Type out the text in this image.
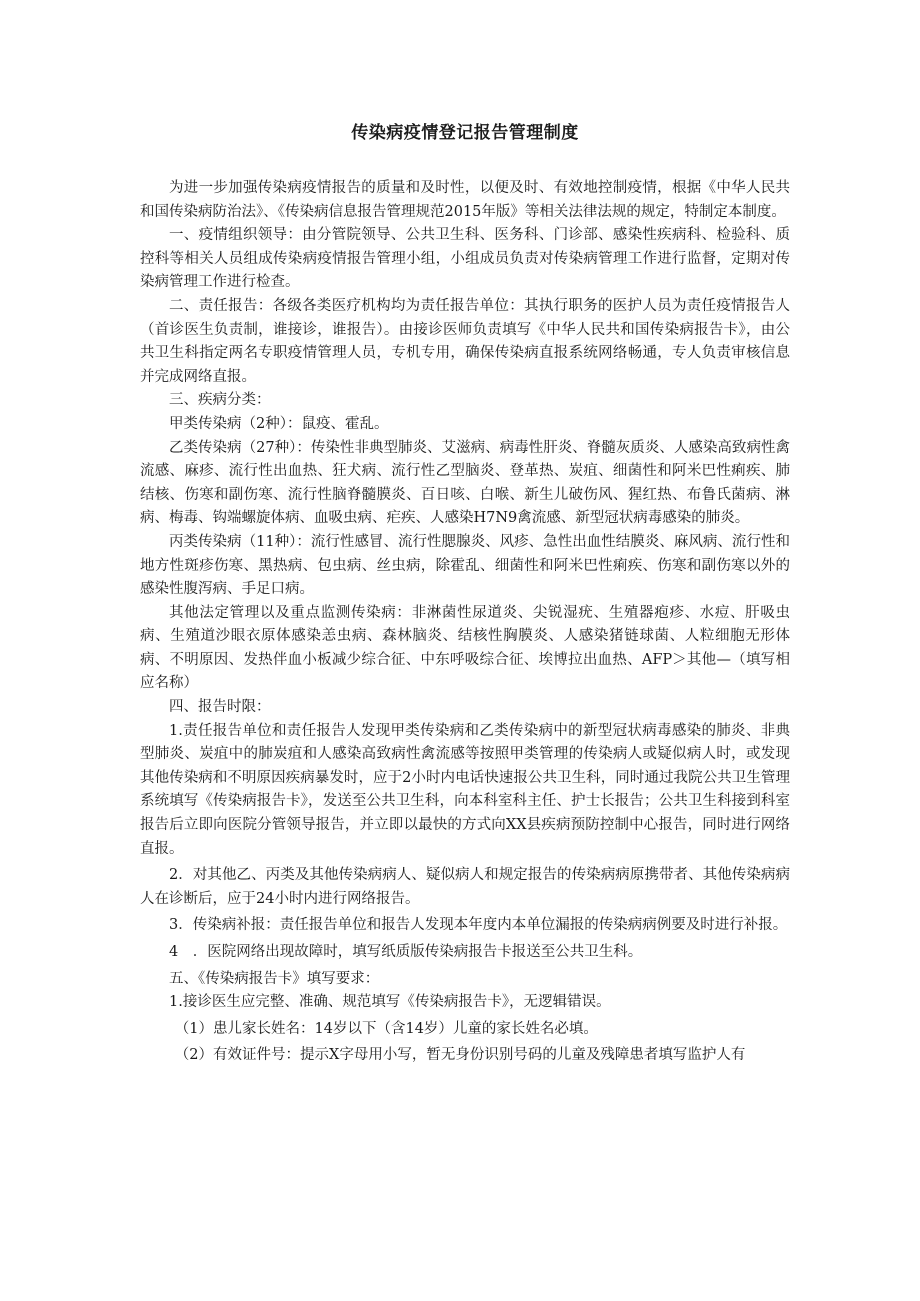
传染病疫情登记报告管理制度

为进一步加强传染病疫情报告的质量和及时性，以便及时、有效地控制疫情，根据《中华人民共和国传染病防治法》、《传染病信息报告管理规范2015年版》等相关法律法规的规定，特制定本制度。

一、疫情组织领导：由分管院领导、公共卫生科、医务科、门诊部、感染性疾病科、检验科、质控科等相关人员组成传染病疫情报告管理小组，小组成员负责对传染病管理工作进行监督，定期对传染病管理工作进行检查。

二、责任报告：各级各类医疗机构均为责任报告单位：其执行职务的医护人员为责任疫情报告人（首诊医生负责制，谁接诊，谁报告）。由接诊医师负责填写《中华人民共和国传染病报告卡》，由公共卫生科指定两名专职疫情管理人员，专机专用，确保传染病直报系统网络畅通，专人负责审核信息并完成网络直报。

三、疾病分类：

甲类传染病（2种）：鼠疫、霍乱。

乙类传染病（27种）：传染性非典型肺炎、艾滋病、病毒性肝炎、脊髓灰质炎、人感染高致病性禽流感、麻疹、流行性出血热、狂犬病、流行性乙型脑炎、登革热、炭疽、细菌性和阿米巴性痢疾、肺结核、伤寒和副伤寒、流行性脑脊髓膜炎、百日咳、白喉、新生儿破伤风、猩红热、布鲁氏菌病、淋病、梅毒、钩端螺旋体病、血吸虫病、疟疾、人感染H7N9禽流感、新型冠状病毒感染的肺炎。

丙类传染病（11种）：流行性感冒、流行性腮腺炎、风疹、急性出血性结膜炎、麻风病、流行性和地方性斑疹伤寒、黑热病、包虫病、丝虫病，除霍乱、细菌性和阿米巴性痢疾、伤寒和副伤寒以外的感染性腹泻病、手足口病。

其他法定管理以及重点监测传染病：非淋菌性尿道炎、尖锐湿疣、生殖器疱疹、水痘、肝吸虫病、生殖道沙眼衣原体感染恙虫病、森林脑炎、结核性胸膜炎、人感染猪链球菌、人粒细胞无形体病、不明原因、发热伴血小板减少综合征、中东呼吸综合征、埃博拉出血热、AFP＞其他—（填写相应名称）

四、报告时限：

1.责任报告单位和责任报告人发现甲类传染病和乙类传染病中的新型冠状病毒感染的肺炎、非典型肺炎、炭疽中的肺炭疽和人感染高致病性禽流感等按照甲类管理的传染病人或疑似病人时，或发现其他传染病和不明原因疾病暴发时，应于2小时内电话快速报公共卫生科，同时通过我院公共卫生管理系统填写《传染病报告卡》，发送至公共卫生科，向本科室科主任、护士长报告；公共卫生科接到科室报告后立即向医院分管领导报告，并立即以最快的方式向XX县疾病预防控制中心报告，同时进行网络直报。

2．对其他乙、丙类及其他传染病病人、疑似病人和规定报告的传染病病原携带者、其他传染病病人在诊断后，应于24小时内进行网络报告。

3．传染病补报：责任报告单位和报告人发现本年度内本单位漏报的传染病病例要及时进行补报。

4　．医院网络出现故障时，填写纸质版传染病报告卡报送至公共卫生科。

五、《传染病报告卡》填写要求：

1.接诊医生应完整、准确、规范填写《传染病报告卡》，无逻辑错误。

（1）患儿家长姓名：14岁以下（含14岁）儿童的家长姓名必填。

（2）有效证件号：提示X字母用小写，暂无身份识别号码的儿童及残障患者填写监护人有
